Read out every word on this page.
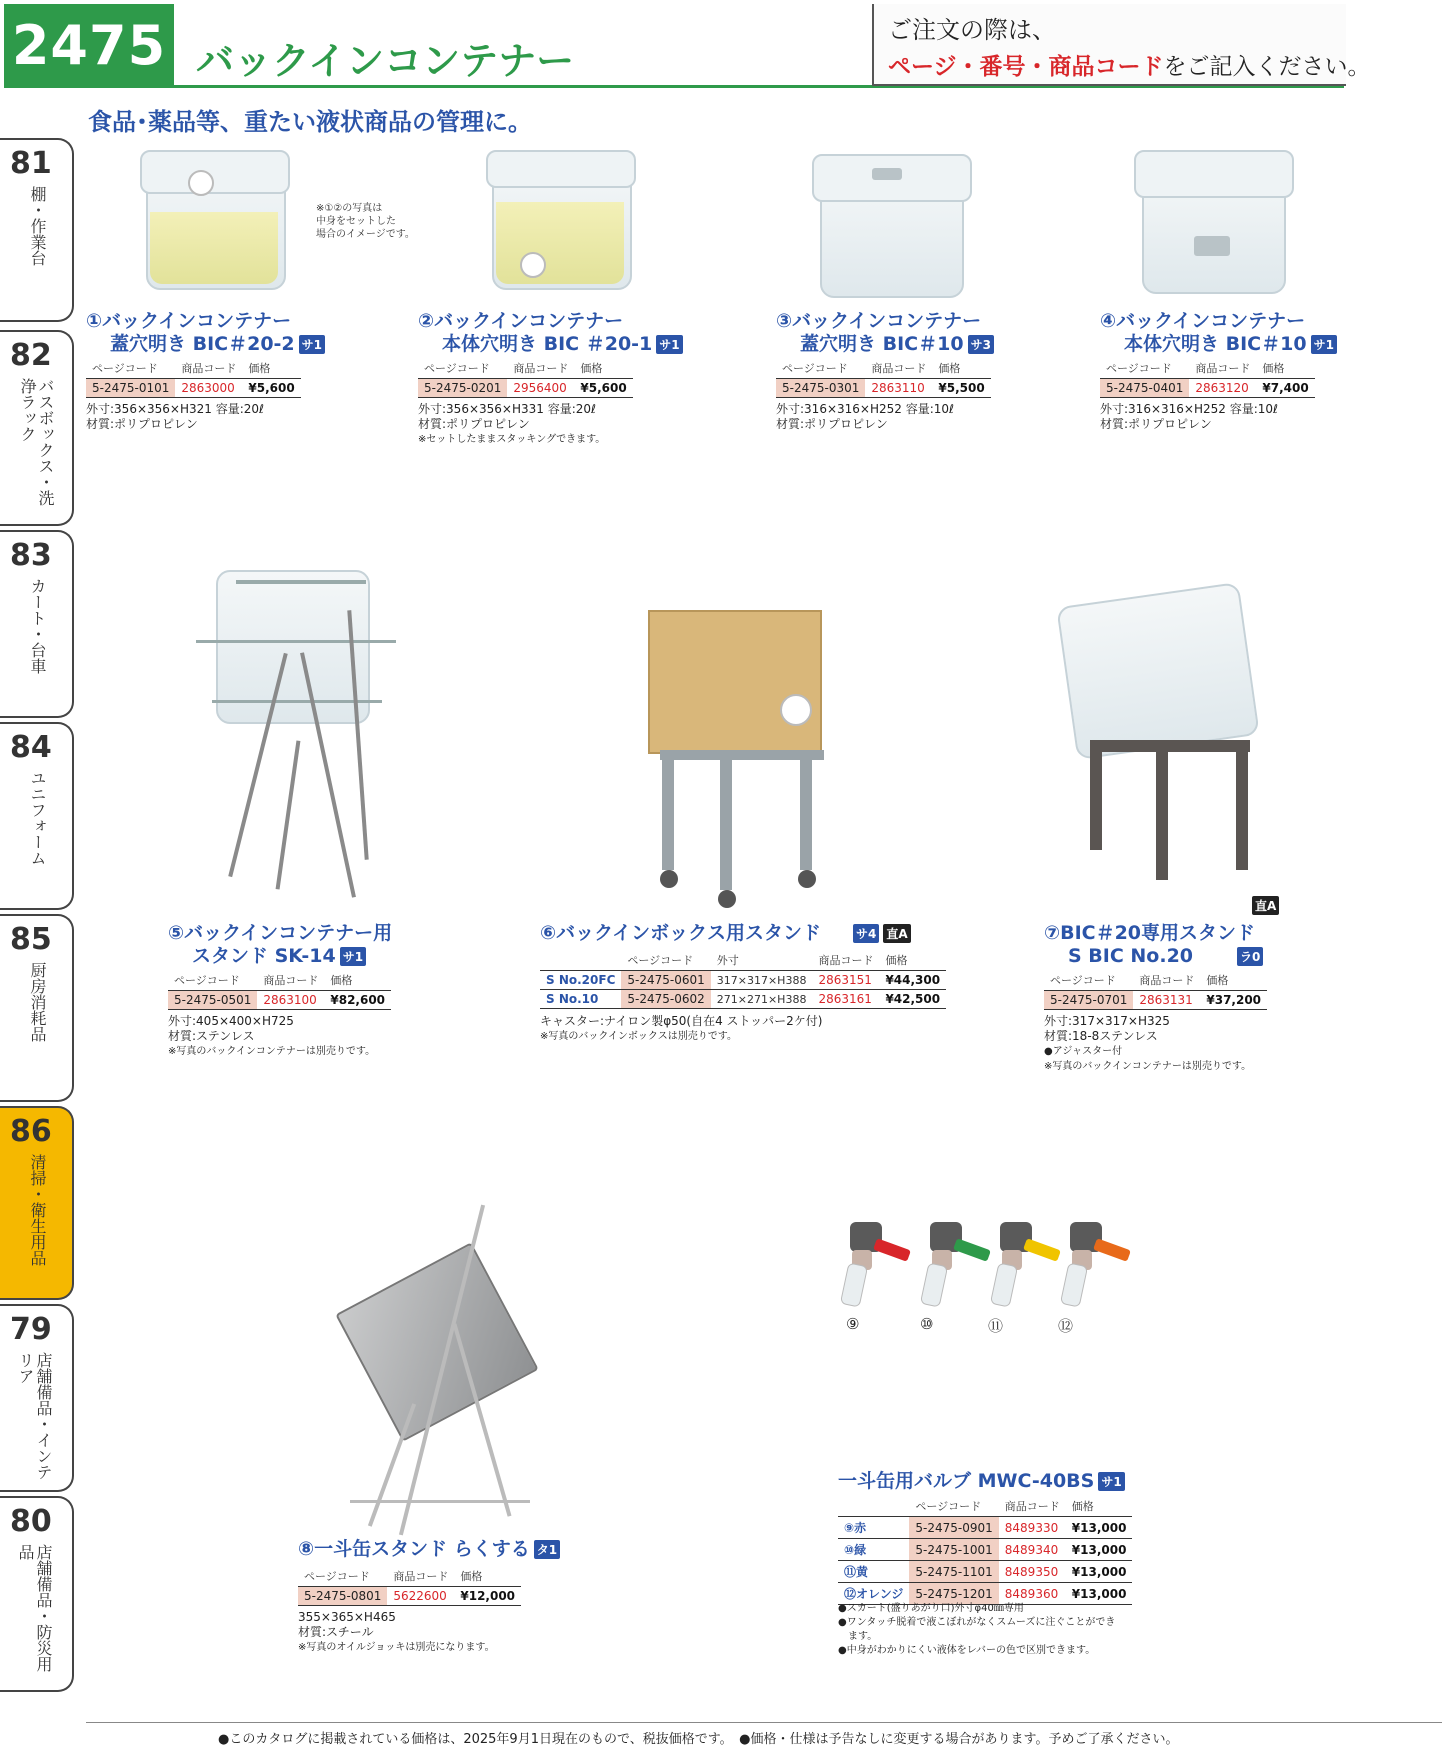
2475 バックインコンテナー
ご注文の際は、
ページ・番号・商品コードをご記入ください。
食品･薬品等、重たい液状商品の管理に。
81
棚・作業台
82
バスボックス・洗浄ラック
83
カート・台車
84
ユニフォーム
85
厨房消耗品
86
清掃・衛生用品
79
店舗備品・インテリア
80
店舗備品・防災用品
※①②の写真は
中身をセットした
場合のイメージです。
①バックインコンテナー
蓋穴明き BIC＃20-2 サ1
ページコード	商品コード	価格
5-2475-0101	2863000	¥5,600
外寸:356×356×H321 容量:20ℓ
材質:ポリプロピレン
②バックインコンテナー
本体穴明き BIC ＃20-1 サ1
ページコード	商品コード	価格
5-2475-0201	2956400	¥5,600
外寸:356×356×H331 容量:20ℓ
材質:ポリプロピレン
※セットしたままスタッキングできます。
③バックインコンテナー
蓋穴明き BIC＃10 サ3
ページコード	商品コード	価格
5-2475-0301	2863110	¥5,500
外寸:316×316×H252 容量:10ℓ
材質:ポリプロピレン
④バックインコンテナー
本体穴明き BIC＃10 サ1
ページコード	商品コード	価格
5-2475-0401	2863120	¥7,400
外寸:316×316×H252 容量:10ℓ
材質:ポリプロピレン
⑤バックインコンテナー用
スタンド SK-14 サ1
ページコード	商品コード	価格
5-2475-0501	2863100	¥82,600
外寸:405×400×H725
材質:ステンレス
※写真のバックインコンテナーは別売りです。
⑥バックインボックス用スタンド	サ4 直A
	ページコード	外寸	商品コード	価格
S No.20FC	5-2475-0601	317×317×H388	2863151	¥44,300
S No.10	5-2475-0602	271×271×H388	2863161	¥42,500
キャスター:ナイロン製φ50(自在4 ストッパー2ケ付)
※写真のバックインボックスは別売りです。
直A
⑦BIC＃20専用スタンド
S BIC No.20	ラ0
ページコード	商品コード	価格
5-2475-0701	2863131	¥37,200
外寸:317×317×H325
材質:18-8ステンレス
●アジャスター付
※写真のバックインコンテナーは別売りです。
⑨	⑩	⑪	⑫
⑧一斗缶スタンド らくする タ1
ページコード	商品コード	価格
5-2475-0801	5622600	¥12,000
355×365×H465
材質:スチール
※写真のオイルジョッキは別売になります。
一斗缶用バルブ MWC-40BS サ1
	ページコード	商品コード	価格
⑨赤	5-2475-0901	8489330	¥13,000
⑩緑	5-2475-1001	8489340	¥13,000
⑪黄	5-2475-1101	8489350	¥13,000
⑫オレンジ	5-2475-1201	8489360	¥13,000
●スカート(盛りあがり口)外寸φ40㎜専用
●ワンタッチ脱着で液こぼれがなくスムーズに注ぐことができ
　ます。
●中身がわかりにくい液体をレバーの色で区別できます。
●このカタログに掲載されている価格は、2025年9月1日現在のもので、税抜価格です。　●価格・仕様は予告なしに変更する場合があります。予めご了承ください。
